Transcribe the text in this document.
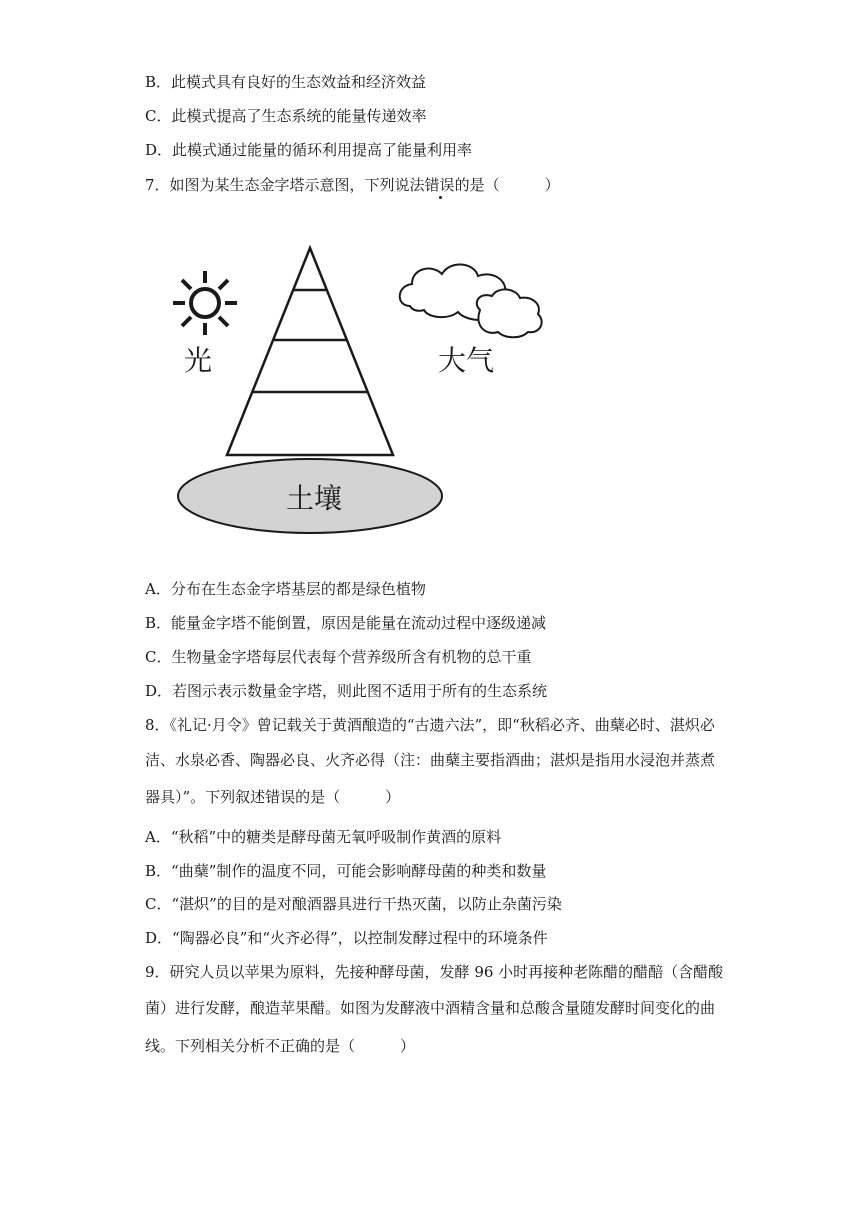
B．此模式具有良好的生态效益和经济效益
C．此模式提高了生态系统的能量传递效率
D．此模式通过能量的循环利用提高了能量利用率
7．如图为某生态金字塔示意图，下列说法错误的是（　　　）
光	大气
土壤
A．分布在生态金字塔基层的都是绿色植物
B．能量金字塔不能倒置，原因是能量在流动过程中逐级递减
C．生物量金字塔每层代表每个营养级所含有机物的总干重
D．若图示表示数量金字塔，则此图不适用于所有的生态系统
8．《礼记·月令》曾记载关于黄酒酿造的“古遗六法”，即“秋稻必齐、曲蘖必时、湛炽必
洁、水泉必香、陶器必良、火齐必得（注：曲蘖主要指酒曲；湛炽是指用水浸泡并蒸煮
器具）”。下列叙述错误的是（　　　）
A．“秋稻”中的糖类是酵母菌无氧呼吸制作黄酒的原料
B．“曲蘖”制作的温度不同，可能会影响酵母菌的种类和数量
C．“湛炽”的目的是对酿酒器具进行干热灭菌，以防止杂菌污染
D．“陶器必良”和“火齐必得”，以控制发酵过程中的环境条件
9．研究人员以苹果为原料，先接种酵母菌，发酵 96 小时再接种老陈醋的醋醅（含醋酸
菌）进行发酵，酿造苹果醋。如图为发酵液中酒精含量和总酸含量随发酵时间变化的曲
线。下列相关分析不正确的是（　　　）
